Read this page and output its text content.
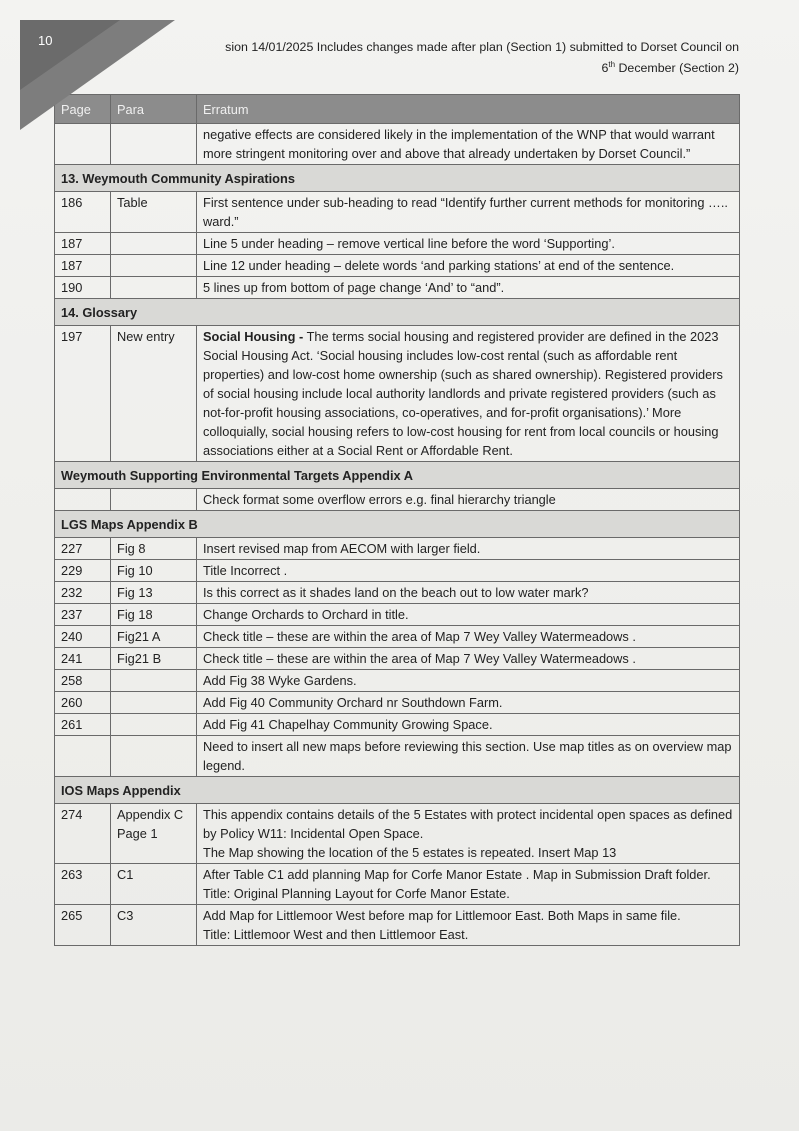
10	sion 14/01/2025 Includes changes made after plan (Section 1) submitted to Dorset Council on
6th December (Section 2)
Page	Para	Erratum
		negative effects are considered likely in the implementation of the WNP that would warrant more stringent monitoring over and above that already undertaken by Dorset Council.”
13. Weymouth Community Aspirations		
186	Table	First sentence under sub-heading to read “Identify further current methods for monitoring ….. ward.”
187		Line 5 under heading – remove vertical line before the word ‘Supporting’.
187		Line 12 under heading – delete words ‘and parking stations’ at end of the sentence.
190		5 lines up from bottom of page change ‘And’ to “and”.
14. Glossary		
197	New entry	Social Housing - The terms social housing and registered provider are defined in the 2023 Social Housing Act. ‘Social housing includes low-cost rental (such as affordable rent properties) and low-cost home ownership (such as shared ownership). Registered providers of social housing include local authority landlords and private registered providers (such as not-for-profit housing associations, co-operatives, and for-profit organisations).’ More colloquially, social housing refers to low-cost housing for rent from local councils or housing associations either at a Social Rent or Affordable Rent.
Weymouth Supporting Environmental Targets Appendix A		
		Check format some overflow errors e.g. final hierarchy triangle
LGS Maps Appendix B		
227	Fig 8	Insert revised map from AECOM with larger field.
229	Fig 10	Title Incorrect .
232	Fig 13	Is this correct as it shades land on the beach out to low water mark?
237	Fig 18	Change Orchards to Orchard in title.
240	Fig21 A	Check title – these are within the area of Map 7 Wey Valley Watermeadows .
241	Fig21 B	Check title – these are within the area of Map 7 Wey Valley Watermeadows .
258		Add Fig 38 Wyke Gardens.
260		Add Fig 40 Community Orchard nr Southdown Farm.
261		Add Fig 41 Chapelhay Community Growing Space.
		Need to insert all new maps before reviewing this section. Use map titles as on overview map legend.
IOS Maps Appendix		
274	Appendix C Page 1	This appendix contains details of the 5 Estates with protect incidental open spaces as defined by Policy W11: Incidental Open Space.
The Map showing the location of the 5 estates is repeated. Insert Map 13

263	C1	After Table C1 add planning Map for Corfe Manor Estate . Map in Submission Draft folder.
Title: Original Planning Layout for Corfe Manor Estate.

265	C3	Add Map for Littlemoor West before map for Littlemoor East. Both Maps in same file.
Title: Littlemoor West and then Littlemoor East.
